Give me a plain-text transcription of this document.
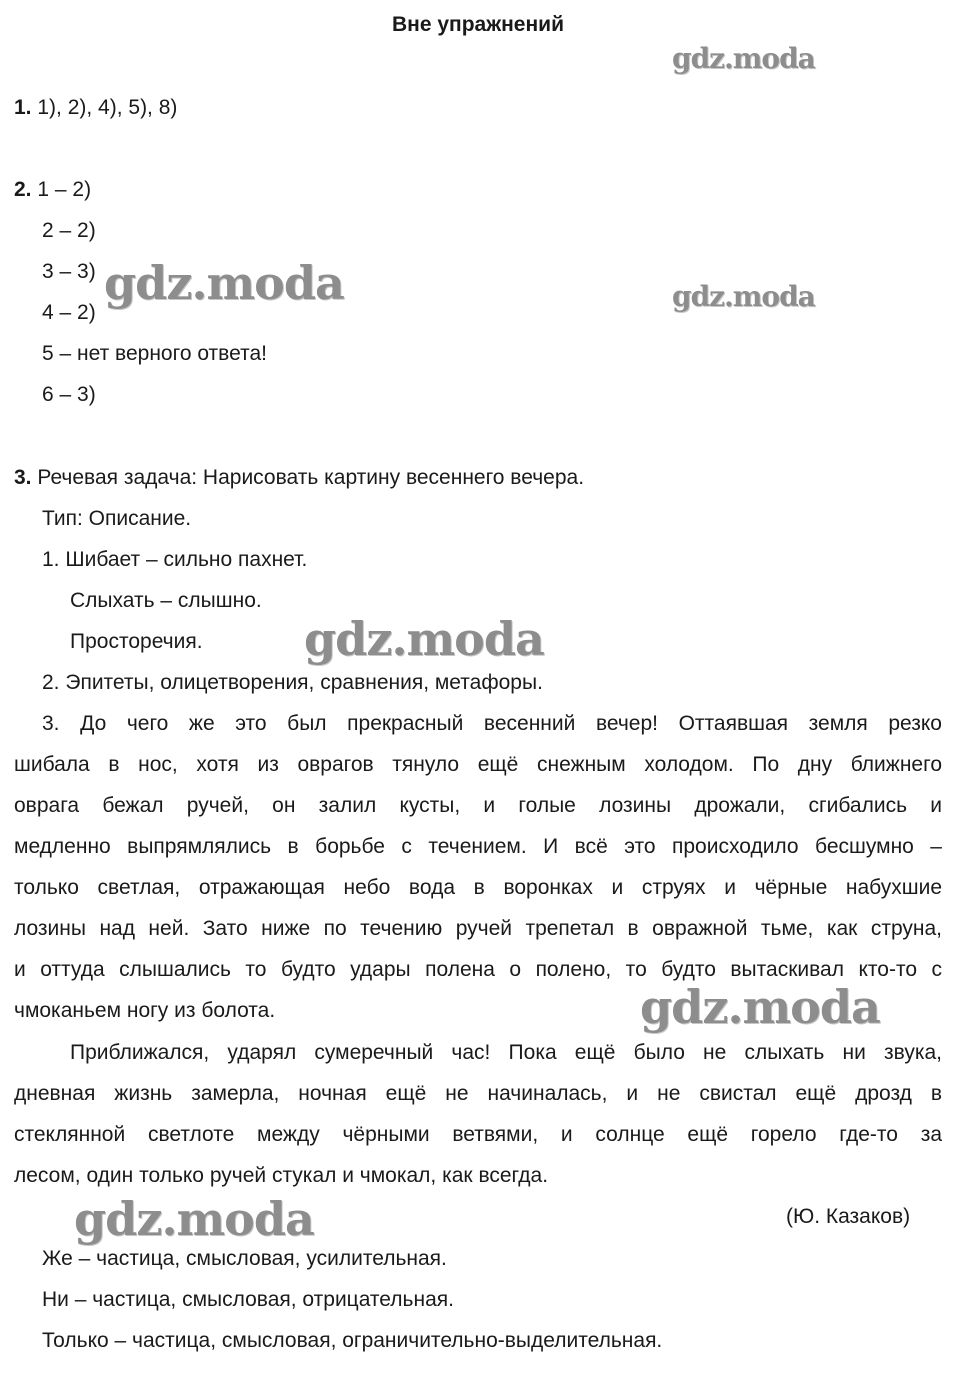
Вне упражнений
gdz.moda
gdz.moda	gdz.moda
gdz.moda
gdz.moda
gdz.moda
1. 1), 2), 4), 5), 8)
2. 1 – 2)
2 – 2)
3 – 3)
4 – 2)
5 – нет верного ответа!
6 – 3)
3. Речевая задача: Нарисовать картину весеннего вечера.
Тип: Описание.
1. Шибает – сильно пахнет.
Слыхать – слышно.
Просторечия.
2. Эпитеты, олицетворения, сравнения, метафоры.
3. До чего же это был прекрасный весенний вечер! Оттаявшая земля резко
шибала в нос, хотя из оврагов тянуло ещё снежным холодом. По дну ближнего
оврага бежал ручей, он залил кусты, и голые лозины дрожали, сгибались и
медленно выпрямлялись в борьбе с течением. И всё это происходило бесшумно –
только светлая, отражающая небо вода в воронках и струях и чёрные набухшие
лозины над ней. Зато ниже по течению ручей трепетал в овражной тьме, как струна,
и оттуда слышались то будто удары полена о полено, то будто вытаскивал кто-то с
чмоканьем ногу из болота.
Приближался, ударял сумеречный час! Пока ещё было не слыхать ни звука,
дневная жизнь замерла, ночная ещё не начиналась, и не свистал ещё дрозд в
стеклянной светлоте между чёрными ветвями, и солнце ещё горело где-то за
лесом, один только ручей стукал и чмокал, как всегда.
(Ю. Казаков)
Же – частица, смысловая, усилительная.
Ни – частица, смысловая, отрицательная.
Только – частица, смысловая, ограничительно-выделительная.
